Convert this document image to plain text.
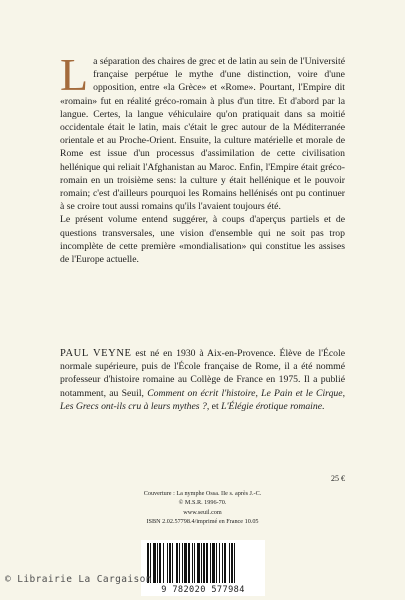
La séparation des chaires de grec et de latin au sein de l'Université française perpétue le mythe d'une distinction, voire d'une opposition, entre «la Grèce» et «Rome». Pourtant, l'Empire dit «romain» fut en réalité gréco-romain à plus d'un titre. Et d'abord par la langue. Certes, la langue véhiculaire qu'on pratiquait dans sa moitié occidentale était le latin, mais c'était le grec autour de la Méditerranée orientale et au Proche-Orient. Ensuite, la culture matérielle et morale de Rome est issue d'un processus d'assimilation de cette civilisation hellénique qui reliait l'Afghanistan au Maroc. Enfin, l'Empire était gréco-romain en un troisième sens: la culture y était hellénique et le pouvoir romain; c'est d'ailleurs pourquoi les Romains hellénisés ont pu continuer à se croire tout aussi romains qu'ils l'avaient toujours été.

Le présent volume entend suggérer, à coups d'aperçus partiels et de questions transversales, une vision d'ensemble qui ne soit pas trop incomplète de cette première «mondialisation» qui constitue les assises de l'Europe actuelle.

PAUL VEYNE est né en 1930 à Aix-en-Provence. Élève de l'École normale supérieure, puis de l'École française de Rome, il a été nommé professeur d'histoire romaine au Collège de France en 1975. Il a publié notamment, au Seuil, Comment on écrit l'histoire, Le Pain et le Cirque, Les Grecs ont-ils cru à leurs mythes ?, et L'Élégie érotique romaine.
25 €
Couverture : La nymphe Ossa. IIe s. après J.-C.
© M.S.R. 1996-70.
www.seuil.com
ISBN 2.02.57798.4/imprimé en France 10.05
9 782020 577984
© Librairie La Cargaison
